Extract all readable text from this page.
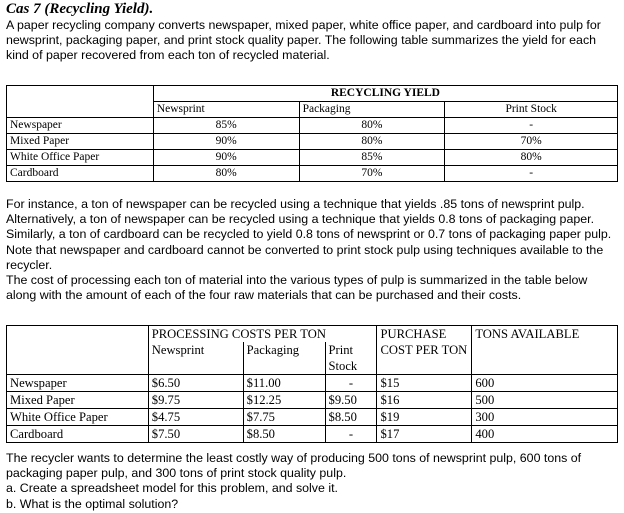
Cas 7 (Recycling Yield).
A paper recycling company converts newspaper, mixed paper, white office paper, and cardboard into pulp for newsprint, packaging paper, and print stock quality paper. The following table summarizes the yield for each kind of paper recovered from each ton of recycled material.
	RECYCLING YIELD		
	Newsprint	Packaging	Print Stock
Newspaper	85%	80%	-
Mixed Paper	90%	80%	70%
White Office Paper	90%	85%	80%
Cardboard	80%	70%	-
For instance, a ton of newspaper can be recycled using a technique that yields .85 tons of newsprint pulp. Alternatively, a ton of newspaper can be recycled using a technique that yields 0.8 tons of packaging paper. Similarly, a ton of cardboard can be recycled to yield 0.8 tons of newsprint or 0.7 tons of packaging paper pulp. Note that newspaper and cardboard cannot be converted to print stock pulp using techniques available to the recycler.
The cost of processing each ton of material into the various types of pulp is summarized in the table below along with the amount of each of the four raw materials that can be purchased and their costs.
	PROCESSING COSTS PER TON			PURCHASE COST PER TON	TONS AVAILABLE
	Newsprint	Packaging	Print Stock		

Newspaper	$6.50	$11.00	-	$15	600
Mixed Paper	$9.75	$12.25	$9.50	$16	500
White Office Paper	$4.75	$7.75	$8.50	$19	300
Cardboard	$7.50	$8.50	-	$17	400
The recycler wants to determine the least costly way of producing 500 tons of newsprint pulp, 600 tons of packaging paper pulp, and 300 tons of print stock quality pulp.
a. Create a spreadsheet model for this problem, and solve it.
b. What is the optimal solution?
